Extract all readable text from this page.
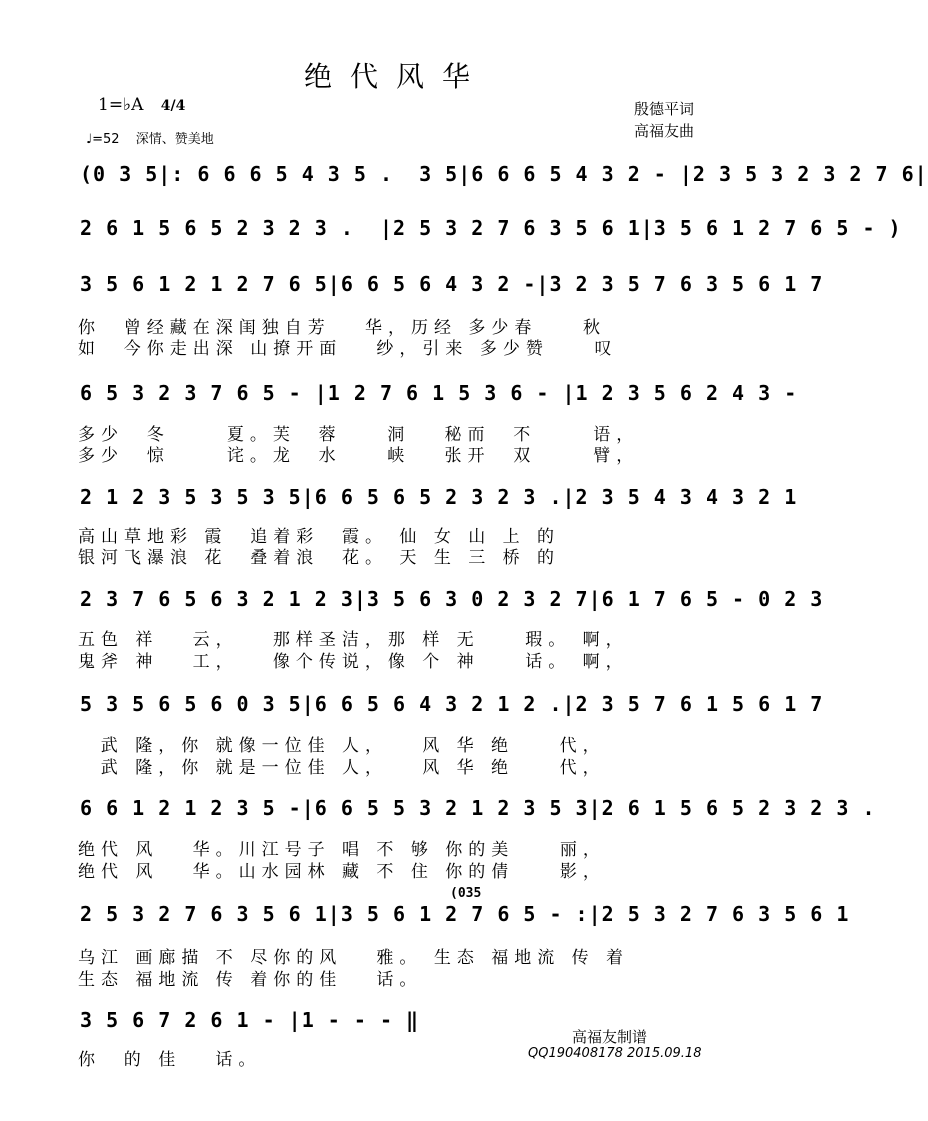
绝代风华
1=♭A 4/4
♩=52 深情、赞美地
殷德平词
高福友曲
(0 3 5|: 6 6 6 5 4 3 5 .  3 5|6 6 6 5 4 3 2 - |2 3 5 3 2 3 2 7 6|
2 6 1 5 6 5 2 3 2 3 .  |2 5 3 2 7 6 3 5 6 1|3 5 6 1 2 7 6 5 - )
3 5 6 1 2 1 2 7 6 5|6 6 5 6 4 3 2 -|3 2 3 5 7 6 3 5 6 1 7
你  曾经藏在深闺独自芳   华，历经 多少春    秋
如  今你走出深 山撩开面   纱，引来 多少赞    叹
6 5 3 2 3 7 6 5 - |1 2 7 6 1 5 3 6 - |1 2 3 5 6 2 4 3 -
多少  冬     夏。芙  蓉    洞   秘而  不     语，
多少  惊     诧。龙  水    峡   张开  双     臂，
2 1 2 3 5 3 5 3 5|6 6 5 6 5 2 3 2 3 .|2 3 5 4 3 4 3 2 1
高山草地彩 霞  追着彩  霞。 仙 女 山 上 的
银河飞瀑浪 花  叠着浪  花。 天 生 三 桥 的
2 3 7 6 5 6 3 2 1 2 3|3 5 6 3 0 2 3 2 7|6 1 7 6 5 - 0 2 3
五色 祥   云，   那样圣洁，那 样 无    瑕。 啊，
鬼斧 神   工，   像个传说，像 个 神    话。 啊，
5 3 5 6 5 6 0 3 5|6 6 5 6 4 3 2 1 2 .|2 3 5 7 6 1 5 6 1 7
武 隆，你 就像一位佳 人，   风 华 绝    代，
武 隆，你 就是一位佳 人，   风 华 绝    代，
6 6 1 2 1 2 3 5 -|6 6 5 5 3 2 1 2 3 5 3|2 6 1 5 6 5 2 3 2 3 .
绝代 风   华。川江号子 唱 不 够 你的美    丽，
绝代 风   华。山水园林 藏 不 住 你的倩    影，
2 5 3 2 7 6 3 5 6 1|3 5 6 1 2 7 6 5 - :|2 5 3 2 7 6 3 5 6 1
(035
乌江 画廊描 不 尽你的风   雅。 生态 福地流 传 着
生态 福地流 传 着你的佳   话。
3 5 6 7 2 6 1 - |1 - - - ‖
你  的 佳   话。
高福友制谱
QQ190408178 2015.09.18
